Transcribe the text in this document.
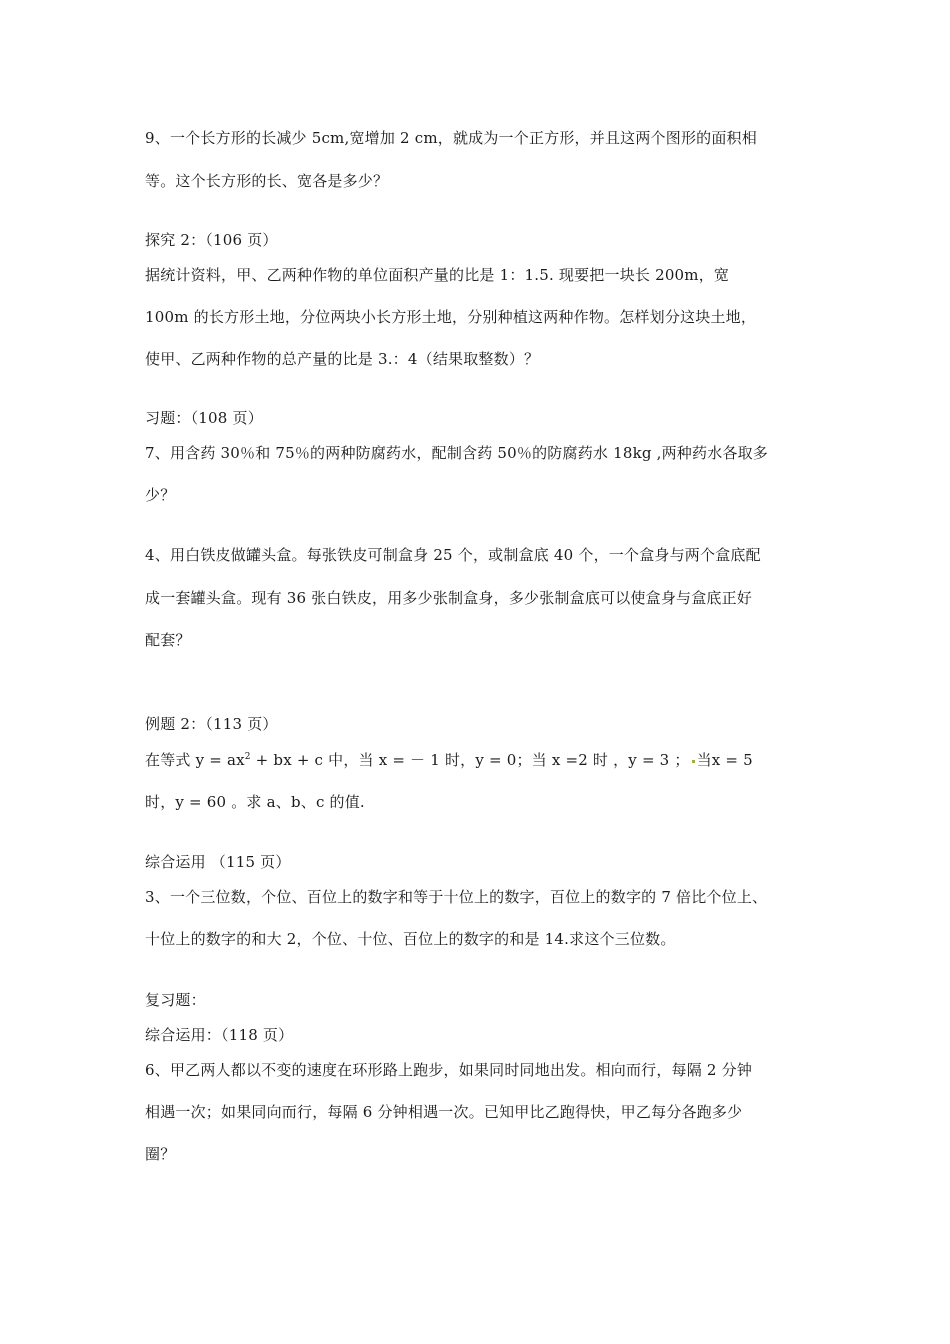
9、一个长方形的长减少 5cm,宽增加 2 cm，就成为一个正方形，并且这两个图形的面积相
等。这个长方形的长、宽各是多少？
探究 2：（106 页）
据统计资料，甲、乙两种作物的单位面积产量的比是 1：1.5. 现要把一块长 200m，宽
100m 的长方形土地，分位两块小长方形土地，分别种植这两种作物。怎样划分这块土地，
使甲、乙两种作物的总产量的比是 3.：4（结果取整数）？
习题：（108 页）
7、用含药 30％和 75％的两种防腐药水，配制含药 50％的防腐药水 18kg ,两种药水各取多
少？
4、用白铁皮做罐头盒。每张铁皮可制盒身 25 个，或制盒底 40 个，一个盒身与两个盒底配
成一套罐头盒。现有 36 张白铁皮，用多少张制盒身，多少张制盒底可以使盒身与盒底正好
配套？
例题 2：（113 页）
在等式 $y = ax^2$ + bx + c 中，当 x = － 1 时，y = 0；当 x =2 时 ，y = 3 ； 当x = 5
时，y = 60 。求 a、b、c 的值.
综合运用 （115 页）
3、一个三位数，个位、百位上的数字和等于十位上的数字，百位上的数字的 7 倍比个位上、
十位上的数字的和大 2，个位、十位、百位上的数字的和是 14.求这个三位数。
复习题：
综合运用：（118 页）
6、甲乙两人都以不变的速度在环形路上跑步，如果同时同地出发。相向而行，每隔 2 分钟
相遇一次；如果同向而行，每隔 6 分钟相遇一次。已知甲比乙跑得快，甲乙每分各跑多少
圈？
